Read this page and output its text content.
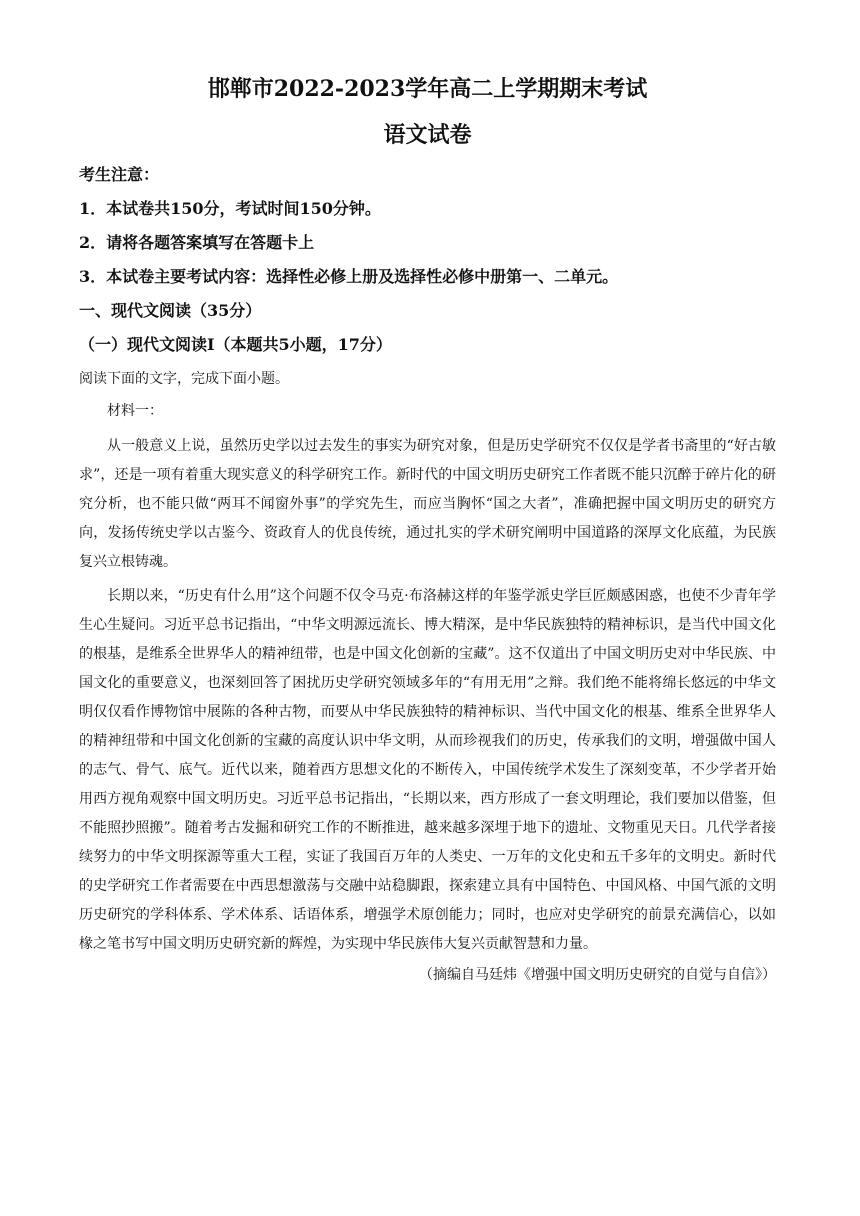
邯郸市2022-2023学年高二上学期期末考试
语文试卷

考生注意：

1．本试卷共150分，考试时间150分钟。

2．请将各题答案填写在答题卡上

3．本试卷主要考试内容：选择性必修上册及选择性必修中册第一、二单元。

一、现代文阅读（35分）

（一）现代文阅读Ⅰ（本题共5小题，17分）

阅读下面的文字，完成下面小题。

材料一：

从一般意义上说，虽然历史学以过去发生的事实为研究对象，但是历史学研究不仅仅是学者书斋里的“好古敏求”，还是一项有着重大现实意义的科学研究工作。新时代的中国文明历史研究工作者既不能只沉醉于碎片化的研究分析，也不能只做“两耳不闻窗外事”的学究先生，而应当胸怀“国之大者”，准确把握中国文明历史的研究方向，发扬传统史学以古鉴今、资政育人的优良传统，通过扎实的学术研究阐明中国道路的深厚文化底蕴，为民族复兴立根铸魂。

长期以来，“历史有什么用”这个问题不仅令马克·布洛赫这样的年鉴学派史学巨匠颇感困惑，也使不少青年学生心生疑问。习近平总书记指出，“中华文明源远流长、博大精深，是中华民族独特的精神标识，是当代中国文化的根基，是维系全世界华人的精神纽带，也是中国文化创新的宝藏”。这不仅道出了中国文明历史对中华民族、中国文化的重要意义，也深刻回答了困扰历史学研究领域多年的“有用无用”之辩。我们绝不能将绵长悠远的中华文明仅仅看作博物馆中展陈的各种古物，而要从中华民族独特的精神标识、当代中国文化的根基、维系全世界华人的精神纽带和中国文化创新的宝藏的高度认识中华文明，从而珍视我们的历史，传承我们的文明，增强做中国人的志气、骨气、底气。近代以来，随着西方思想文化的不断传入，中国传统学术发生了深刻变革，不少学者开始用西方视角观察中国文明历史。习近平总书记指出，“长期以来，西方形成了一套文明理论，我们要加以借鉴，但不能照抄照搬”。随着考古发掘和研究工作的不断推进，越来越多深埋于地下的遗址、文物重见天日。几代学者接续努力的中华文明探源等重大工程，实证了我国百万年的人类史、一万年的文化史和五千多年的文明史。新时代的史学研究工作者需要在中西思想激荡与交融中站稳脚跟，探索建立具有中国特色、中国风格、中国气派的文明历史研究的学科体系、学术体系、话语体系，增强学术原创能力；同时，也应对史学研究的前景充满信心，以如椽之笔书写中国文明历史研究新的辉煌，为实现中华民族伟大复兴贡献智慧和力量。

（摘编自马廷炜《增强中国文明历史研究的自觉与自信》）
